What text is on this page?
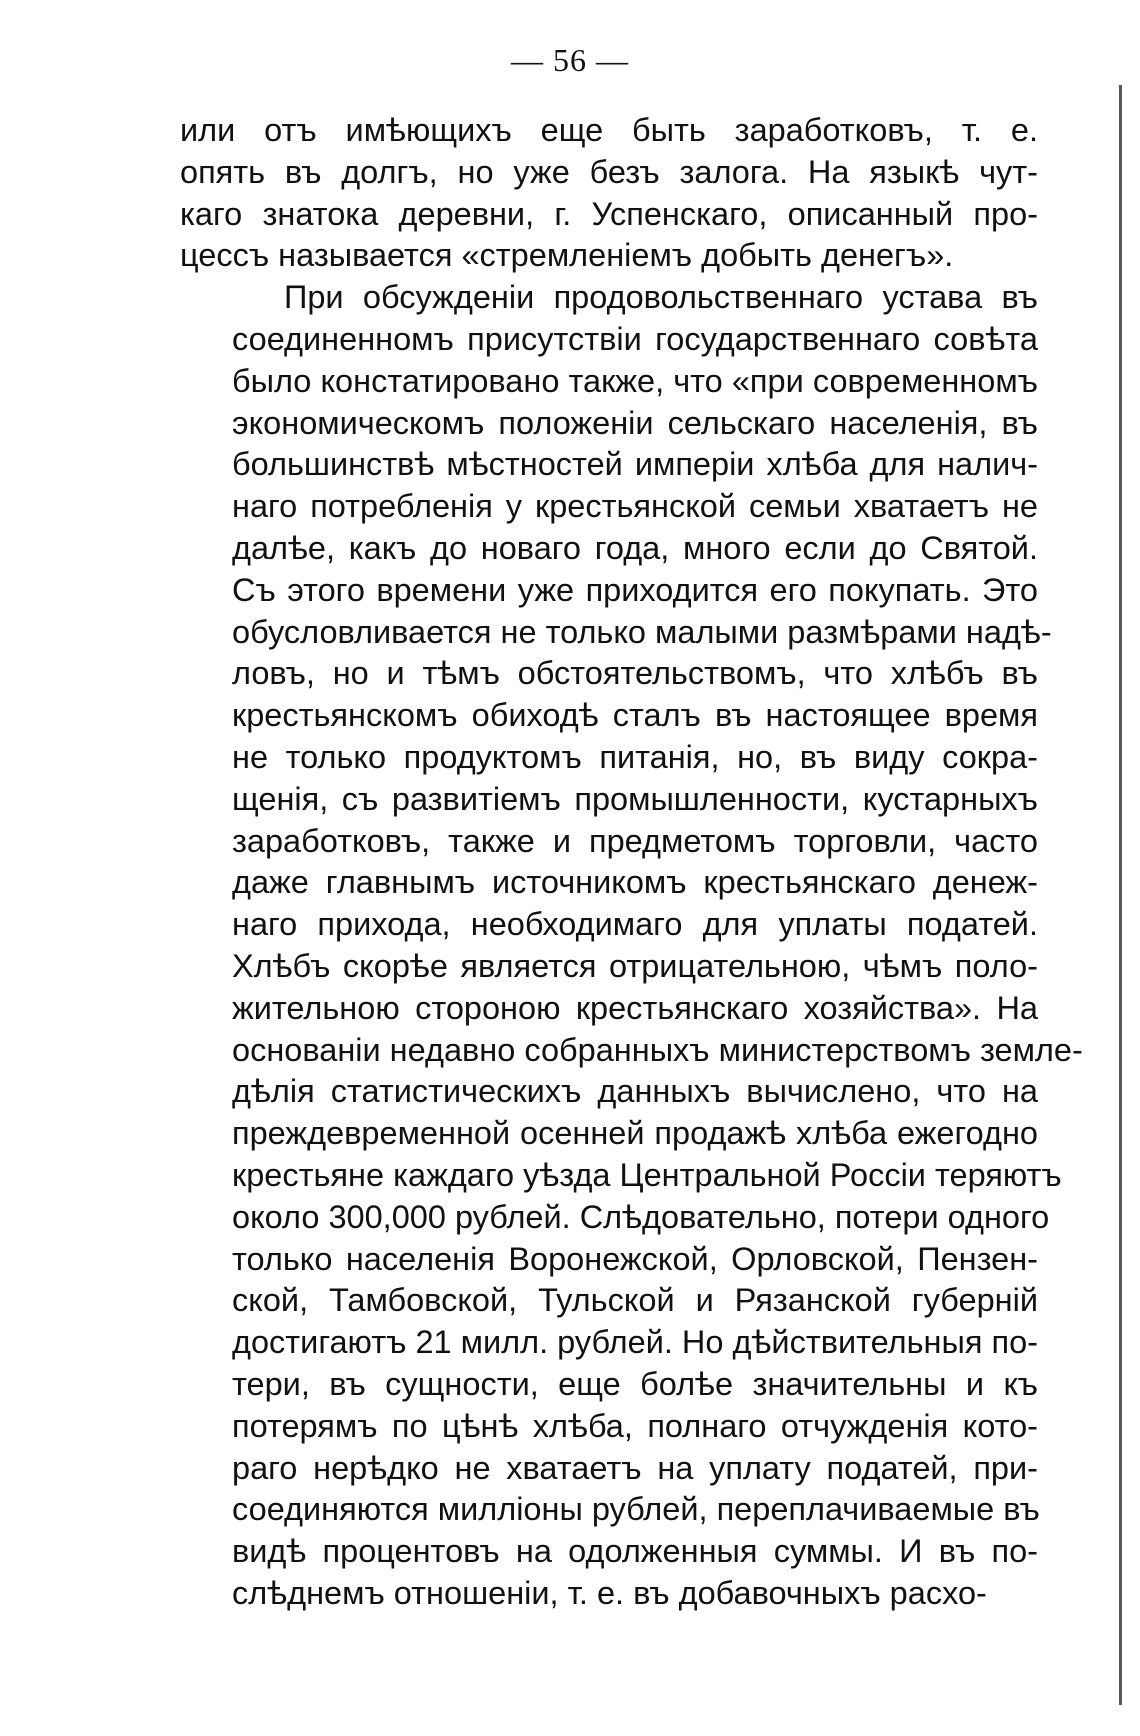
— 56 —

или отъ имѣющихъ еще быть заработковъ, т. е.
опять въ долгъ, но уже безъ залога. На языкѣ чут-
каго знатока деревни, г. Успенскаго, описанный про-
цессъ называется «стремленіемъ добыть денегъ».

При обсужденіи продовольственнаго устава въ
соединенномъ присутствіи государственнаго совѣта
было констатировано также, что «при современномъ
экономическомъ положеніи сельскаго населенія, въ
большинствѣ мѣстностей имперіи хлѣба для налич-
наго потребленія у крестьянской семьи хватаетъ не
далѣе, какъ до новаго года, много если до Святой.
Съ этого времени уже приходится его покупать. Это
обусловливается не только малыми размѣрами надѣ-
ловъ, но и тѣмъ обстоятельствомъ, что хлѣбъ въ
крестьянскомъ обиходѣ сталъ въ настоящее время
не только продуктомъ питанія, но, въ виду сокра-
щенія, съ развитіемъ промышленности, кустарныхъ
заработковъ, также и предметомъ торговли, часто
даже главнымъ источникомъ крестьянскаго денеж-
наго прихода, необходимаго для уплаты податей.
Хлѣбъ скорѣе является отрицательною, чѣмъ поло-
жительною стороною крестьянскаго хозяйства». На
основаніи недавно собранныхъ министерствомъ земле-
дѣлія статистическихъ данныхъ вычислено, что на
преждевременной осенней продажѣ хлѣба ежегодно
крестьяне каждаго уѣзда Центральной Россіи теряютъ
около 300,000 рублей. Слѣдовательно, потери одного
только населенія Воронежской, Орловской, Пензен-
ской, Тамбовской, Тульской и Рязанской губерній
достигаютъ 21 милл. рублей. Но дѣйствительныя по-
тери, въ сущности, еще болѣе значительны и къ
потерямъ по цѣнѣ хлѣба, полнаго отчужденія кото-
раго нерѣдко не хватаетъ на уплату податей, при-
соединяются милліоны рублей, переплачиваемые въ
видѣ процентовъ на одолженныя суммы. И въ по-
слѣднемъ отношеніи, т. е. въ добавочныхъ расхо-
